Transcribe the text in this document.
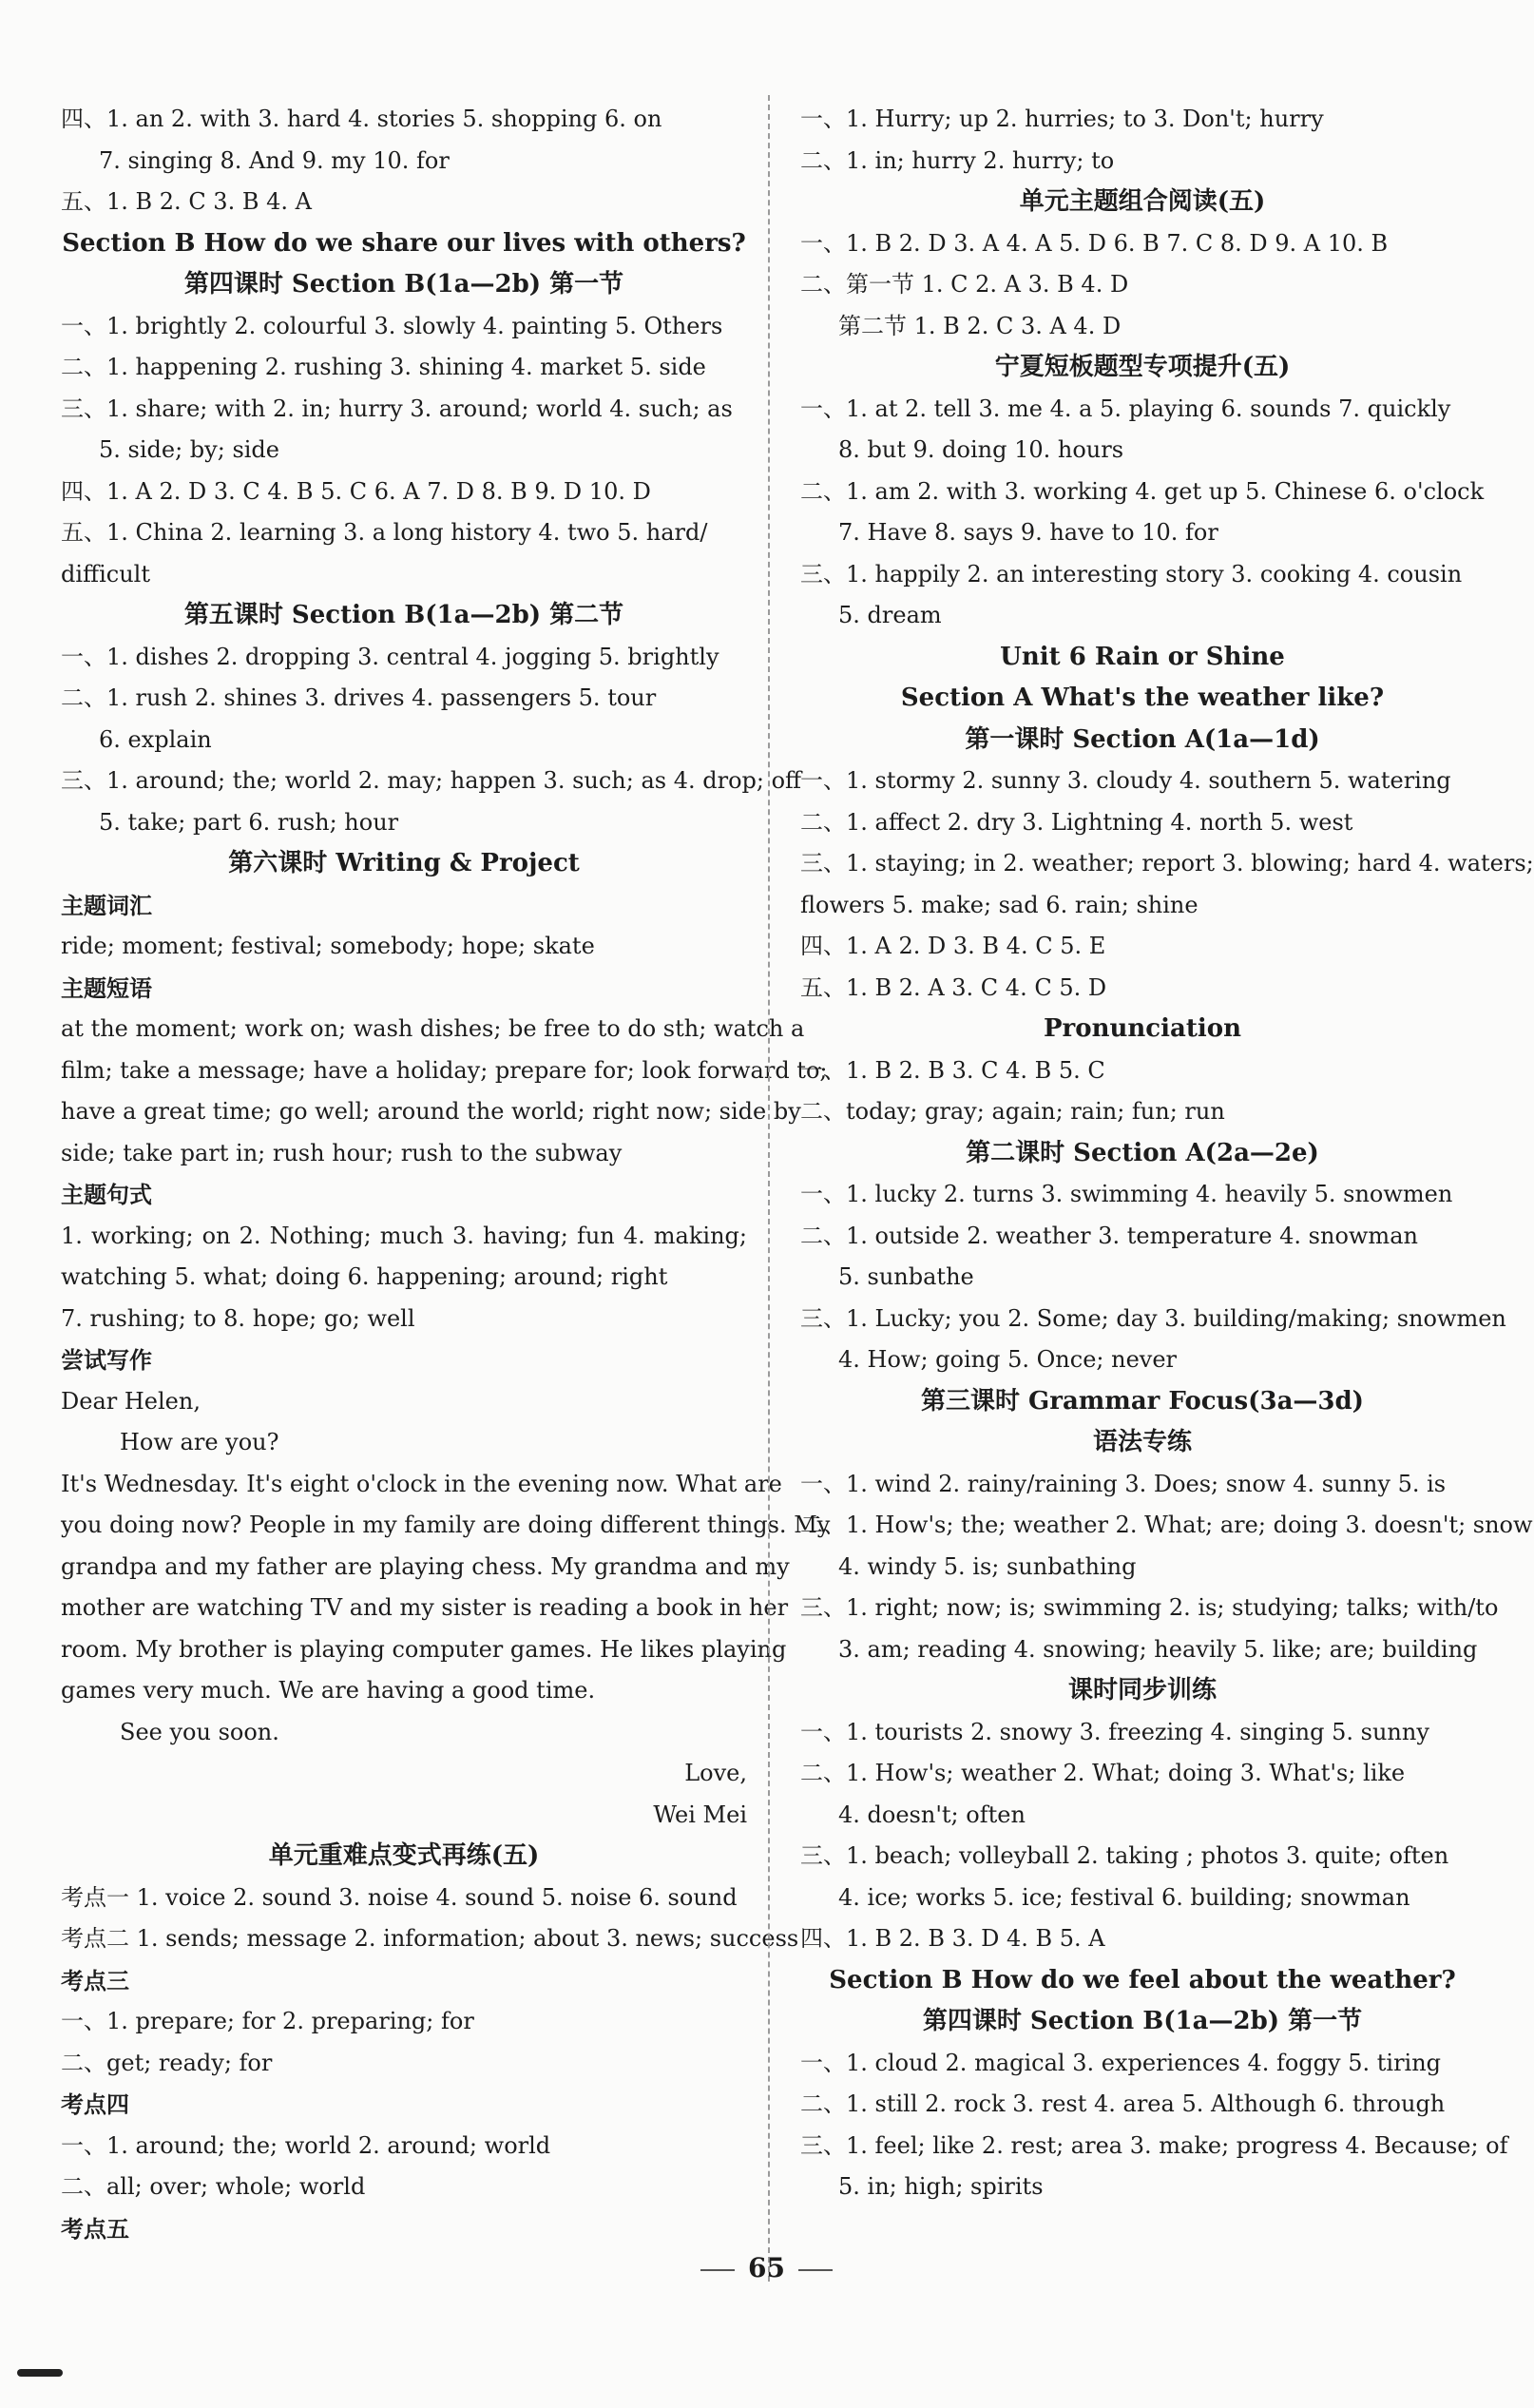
四、1. an 2. with 3. hard 4. stories 5. shopping 6. on
7. singing 8. And 9. my 10. for
五、1. B 2. C 3. B 4. A
Section B How do we share our lives with others?
第四课时 Section B(1a—2b) 第一节
一、1. brightly 2. colourful 3. slowly 4. painting 5. Others
二、1. happening 2. rushing 3. shining 4. market 5. side
三、1. share; with 2. in; hurry 3. around; world 4. such; as
5. side; by; side
四、1. A 2. D 3. C 4. B 5. C 6. A 7. D 8. B 9. D 10. D
五、1. China 2. learning 3. a long history 4. two 5. hard/
difficult
第五课时 Section B(1a—2b) 第二节
一、1. dishes 2. dropping 3. central 4. jogging 5. brightly
二、1. rush 2. shines 3. drives 4. passengers 5. tour
6. explain
三、1. around; the; world 2. may; happen 3. such; as 4. drop; off
5. take; part 6. rush; hour
第六课时 Writing & Project
主题词汇
ride; moment; festival; somebody; hope; skate
主题短语
at the moment; work on; wash dishes; be free to do sth; watch a
film; take a message; have a holiday; prepare for; look forward to;
have a great time; go well; around the world; right now; side by
side; take part in; rush hour; rush to the subway
主题句式
1. working; on 2. Nothing; much 3. having; fun 4. making;
watching 5. what; doing 6. happening; around; right
7. rushing; to 8. hope; go; well
尝试写作
Dear Helen,
How are you?
It's Wednesday. It's eight o'clock in the evening now. What are
you doing now? People in my family are doing different things. My
grandpa and my father are playing chess. My grandma and my
mother are watching TV and my sister is reading a book in her
room. My brother is playing computer games. He likes playing
games very much. We are having a good time.
See you soon.
Love,
Wei Mei
单元重难点变式再练(五)
考点一 1. voice 2. sound 3. noise 4. sound 5. noise 6. sound
考点二 1. sends; message 2. information; about 3. news; success
考点三
一、1. prepare; for 2. preparing; for
二、get; ready; for
考点四
一、1. around; the; world 2. around; world
二、all; over; whole; world
考点五
一、1. Hurry; up 2. hurries; to 3. Don't; hurry
二、1. in; hurry 2. hurry; to
单元主题组合阅读(五)
一、1. B 2. D 3. A 4. A 5. D 6. B 7. C 8. D 9. A 10. B
二、第一节 1. C 2. A 3. B 4. D
第二节 1. B 2. C 3. A 4. D
宁夏短板题型专项提升(五)
一、1. at 2. tell 3. me 4. a 5. playing 6. sounds 7. quickly
8. but 9. doing 10. hours
二、1. am 2. with 3. working 4. get up 5. Chinese 6. o'clock
7. Have 8. says 9. have to 10. for
三、1. happily 2. an interesting story 3. cooking 4. cousin
5. dream
Unit 6 Rain or Shine
Section A What's the weather like?
第一课时 Section A(1a—1d)
一、1. stormy 2. sunny 3. cloudy 4. southern 5. watering
二、1. affect 2. dry 3. Lightning 4. north 5. west
三、1. staying; in 2. weather; report 3. blowing; hard 4. waters;
flowers 5. make; sad 6. rain; shine
四、1. A 2. D 3. B 4. C 5. E
五、1. B 2. A 3. C 4. C 5. D
Pronunciation
一、1. B 2. B 3. C 4. B 5. C
二、today; gray; again; rain; fun; run
第二课时 Section A(2a—2e)
一、1. lucky 2. turns 3. swimming 4. heavily 5. snowmen
二、1. outside 2. weather 3. temperature 4. snowman
5. sunbathe
三、1. Lucky; you 2. Some; day 3. building/making; snowmen
4. How; going 5. Once; never
第三课时 Grammar Focus(3a—3d)
语法专练
一、1. wind 2. rainy/raining 3. Does; snow 4. sunny 5. is
二、1. How's; the; weather 2. What; are; doing 3. doesn't; snow
4. windy 5. is; sunbathing
三、1. right; now; is; swimming 2. is; studying; talks; with/to
3. am; reading 4. snowing; heavily 5. like; are; building
课时同步训练
一、1. tourists 2. snowy 3. freezing 4. singing 5. sunny
二、1. How's; weather 2. What; doing 3. What's; like
4. doesn't; often
三、1. beach; volleyball 2. taking ; photos 3. quite; often
4. ice; works 5. ice; festival 6. building; snowman
四、1. B 2. B 3. D 4. B 5. A
Section B How do we feel about the weather?
第四课时 Section B(1a—2b) 第一节
一、1. cloud 2. magical 3. experiences 4. foggy 5. tiring
二、1. still 2. rock 3. rest 4. area 5. Although 6. through
三、1. feel; like 2. rest; area 3. make; progress 4. Because; of
5. in; high; spirits
65
